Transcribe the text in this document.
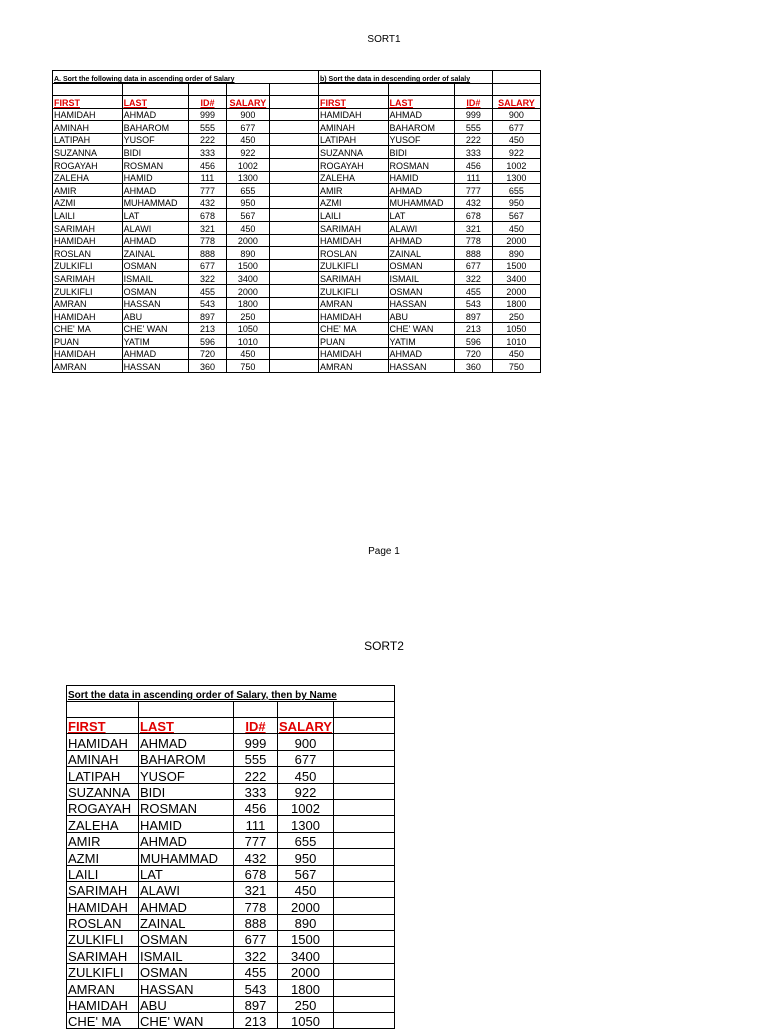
SORT1
A. Sort the following data in ascending order of Salary					b) Sort the data in descending order of salaly			

FIRST	LAST	ID#	SALARY		FIRST	LAST	ID#	SALARY
HAMIDAH	AHMAD	999	900		HAMIDAH	AHMAD	999	900
AMINAH	BAHAROM	555	677		AMINAH	BAHAROM	555	677
LATIPAH	YUSOF	222	450		LATIPAH	YUSOF	222	450
SUZANNA	BIDI	333	922		SUZANNA	BIDI	333	922
ROGAYAH	ROSMAN	456	1002		ROGAYAH	ROSMAN	456	1002
ZALEHA	HAMID	111	1300		ZALEHA	HAMID	111	1300
AMIR	AHMAD	777	655		AMIR	AHMAD	777	655
AZMI	MUHAMMAD	432	950		AZMI	MUHAMMAD	432	950
LAILI	LAT	678	567		LAILI	LAT	678	567
SARIMAH	ALAWI	321	450		SARIMAH	ALAWI	321	450
HAMIDAH	AHMAD	778	2000		HAMIDAH	AHMAD	778	2000
ROSLAN	ZAINAL	888	890		ROSLAN	ZAINAL	888	890
ZULKIFLI	OSMAN	677	1500		ZULKIFLI	OSMAN	677	1500
SARIMAH	ISMAIL	322	3400		SARIMAH	ISMAIL	322	3400
ZULKIFLI	OSMAN	455	2000		ZULKIFLI	OSMAN	455	2000
AMRAN	HASSAN	543	1800		AMRAN	HASSAN	543	1800
HAMIDAH	ABU	897	250		HAMIDAH	ABU	897	250
CHE' MA	CHE' WAN	213	1050		CHE' MA	CHE' WAN	213	1050
PUAN	YATIM	596	1010		PUAN	YATIM	596	1010
HAMIDAH	AHMAD	720	450		HAMIDAH	AHMAD	720	450
AMRAN	HASSAN	360	750		AMRAN	HASSAN	360	750
Page 1
SORT2
Sort the data in ascending order of Salary, then by Name				

FIRST	LAST	ID#	SALARY	
HAMIDAH	AHMAD	999	900	
AMINAH	BAHAROM	555	677	
LATIPAH	YUSOF	222	450	
SUZANNA	BIDI	333	922	
ROGAYAH	ROSMAN	456	1002	
ZALEHA	HAMID	111	1300	
AMIR	AHMAD	777	655	
AZMI	MUHAMMAD	432	950	
LAILI	LAT	678	567	
SARIMAH	ALAWI	321	450	
HAMIDAH	AHMAD	778	2000	
ROSLAN	ZAINAL	888	890	
ZULKIFLI	OSMAN	677	1500	
SARIMAH	ISMAIL	322	3400	
ZULKIFLI	OSMAN	455	2000	
AMRAN	HASSAN	543	1800	
HAMIDAH	ABU	897	250	
CHE' MA	CHE' WAN	213	1050	
